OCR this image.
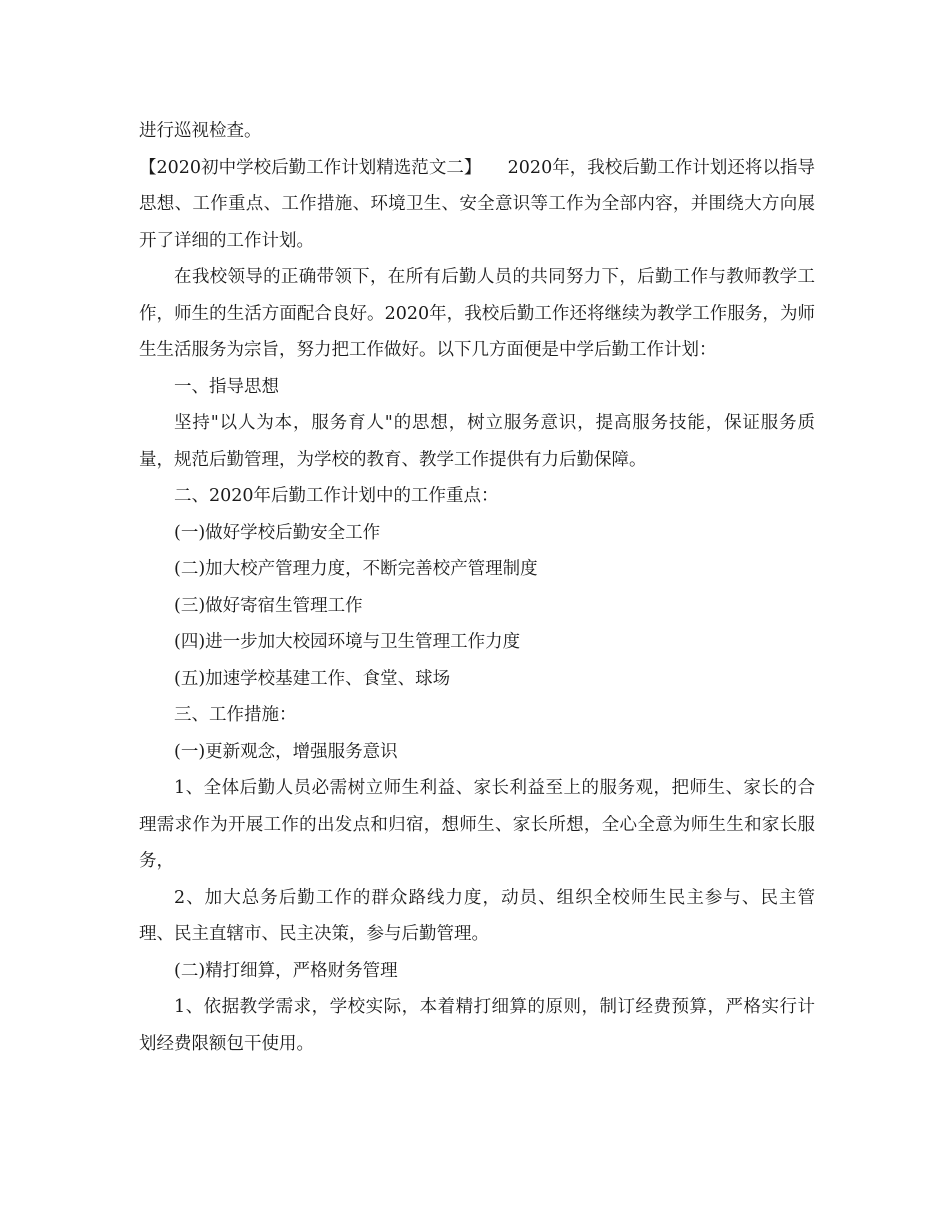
进行巡视检查。

【2020初中学校后勤工作计划精选范文二】　　2020年，我校后勤工作计划还将以指导思想、工作重点、工作措施、环境卫生、安全意识等工作为全部内容，并围绕大方向展开了详细的工作计划。

在我校领导的正确带领下，在所有后勤人员的共同努力下，后勤工作与教师教学工作，师生的生活方面配合良好。2020年，我校后勤工作还将继续为教学工作服务，为师生生活服务为宗旨，努力把工作做好。以下几方面便是中学后勤工作计划：

一、指导思想

坚持"以人为本，服务育人"的思想，树立服务意识，提高服务技能，保证服务质量，规范后勤管理，为学校的教育、教学工作提供有力后勤保障。

二、2020年后勤工作计划中的工作重点：

(一)做好学校后勤安全工作

(二)加大校产管理力度，不断完善校产管理制度

(三)做好寄宿生管理工作

(四)进一步加大校园环境与卫生管理工作力度

(五)加速学校基建工作、食堂、球场

三、工作措施：

(一)更新观念，增强服务意识

1、全体后勤人员必需树立师生利益、家长利益至上的服务观，把师生、家长的合理需求作为开展工作的出发点和归宿，想师生、家长所想，全心全意为师生生和家长服务，

2、加大总务后勤工作的群众路线力度，动员、组织全校师生民主参与、民主管理、民主直辖市、民主决策，参与后勤管理。

(二)精打细算，严格财务管理

1、依据教学需求，学校实际，本着精打细算的原则，制订经费预算，严格实行计划经费限额包干使用。
